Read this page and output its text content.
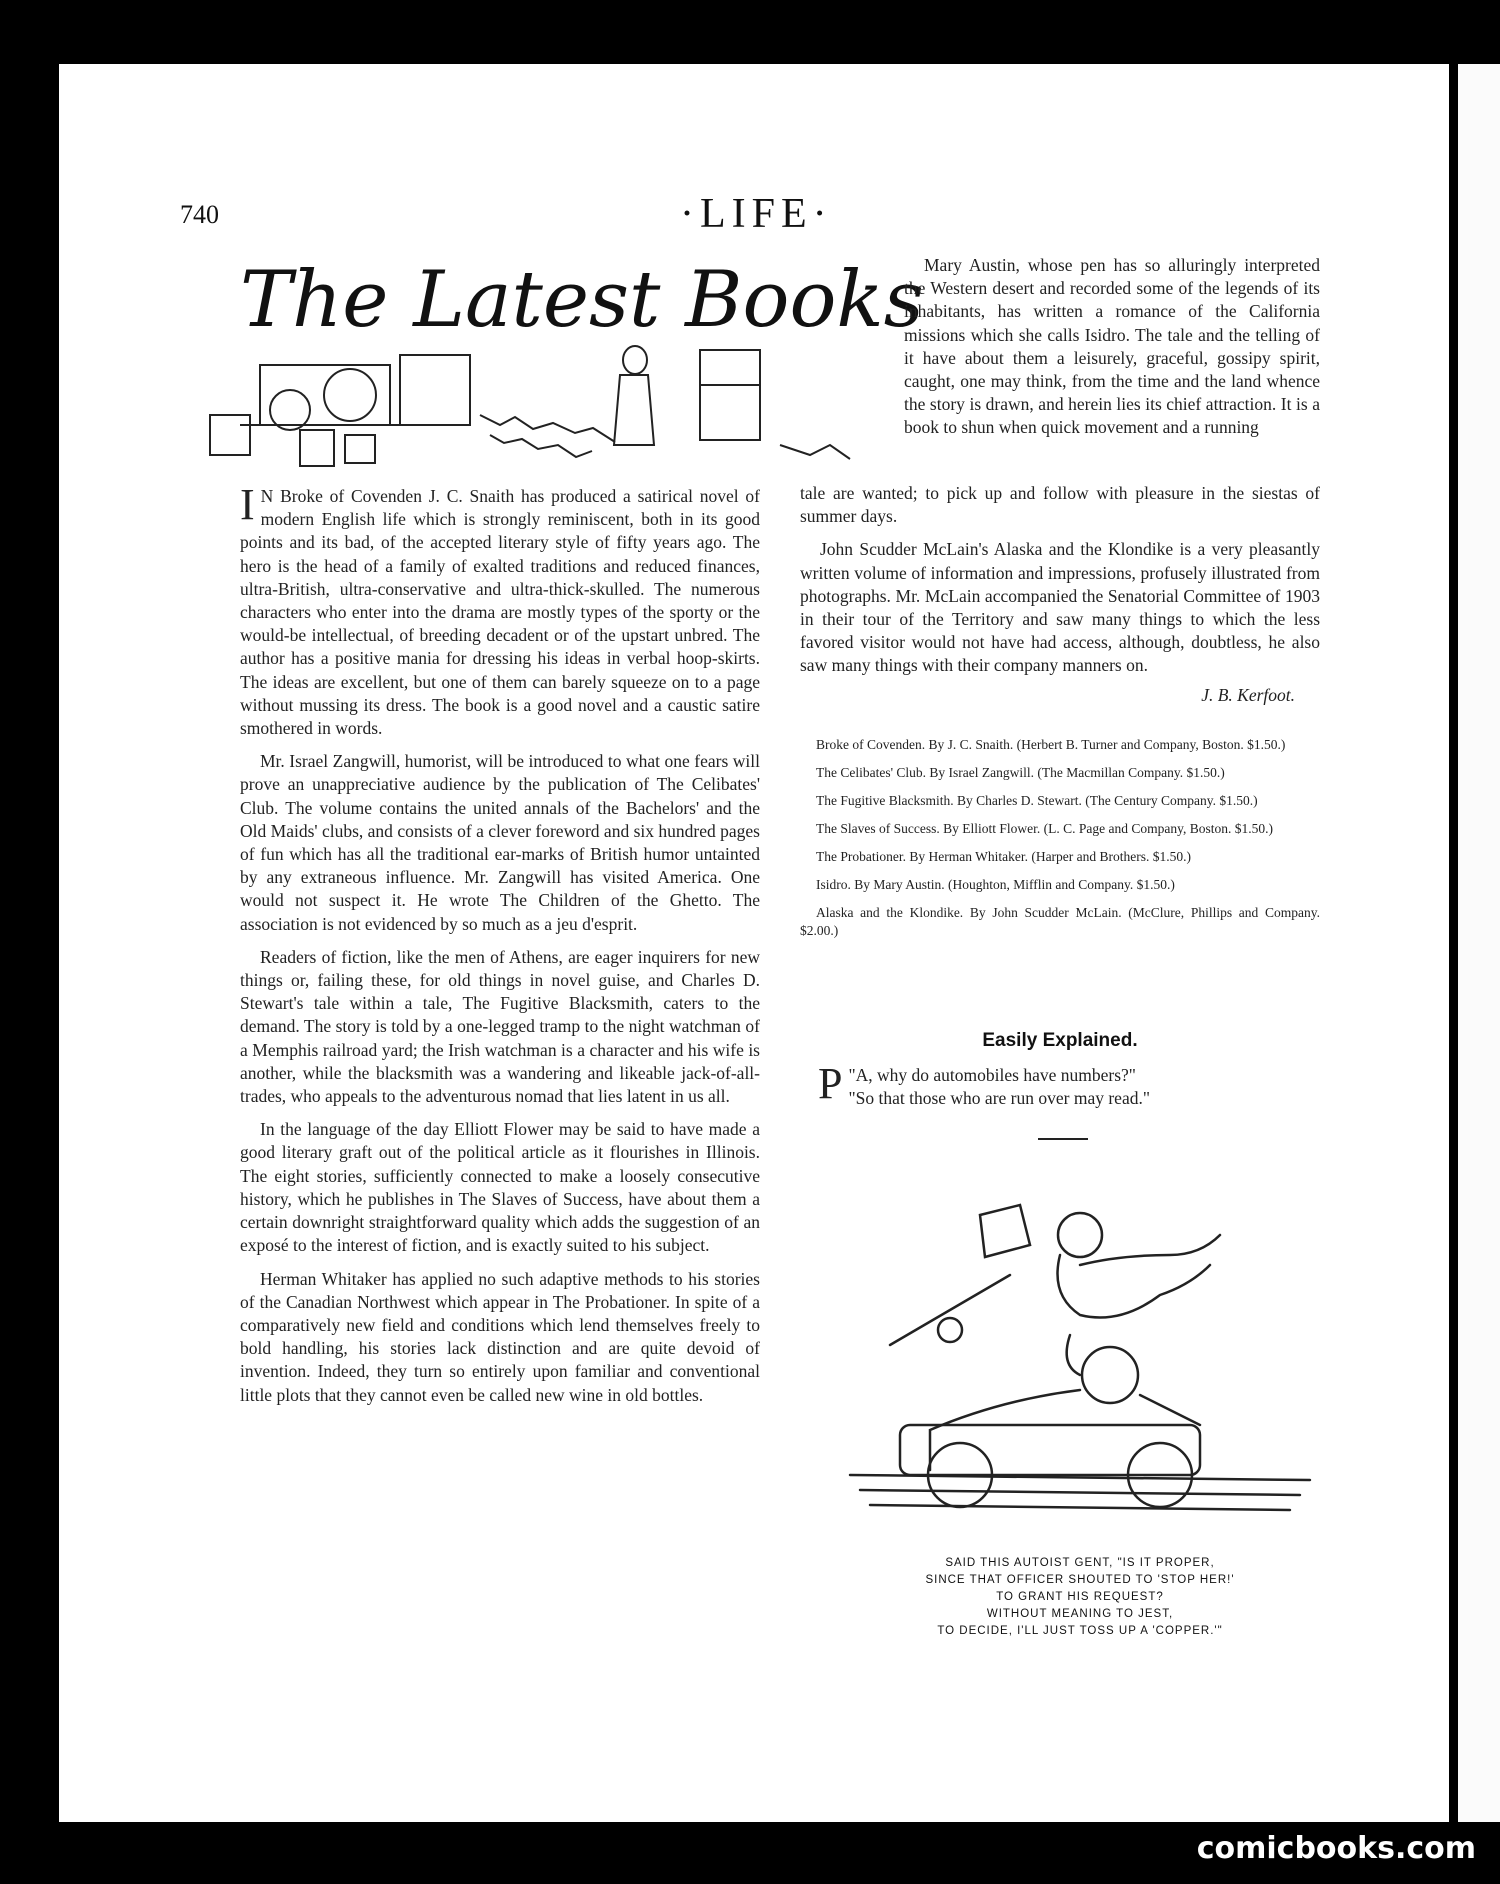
740	·LIFE·
The Latest Books Mary Austin, whose pen has so alluringly interpreted the Western desert and recorded some of the legends of its inhabitants, has written a romance of the California missions which she calls Isidro. The tale and the telling of it have about them a leisurely, graceful, gossipy spirit, caught, one may think, from the time and the land whence the story is drawn, and herein lies its chief attraction. It is a book to shun when quick movement and a running

I N Broke of Covenden J. C. Snaith has produced a satirical novel of modern English life which is strongly reminiscent, both in its good points and its bad, of the accepted literary style of fifty years ago. The hero is the head of a family of exalted traditions and reduced finances, ultra-British, ultra-conservative and ultra-thick-skulled. The numerous characters who enter into the drama are mostly types of the sporty or the would-be intellectual, of breeding decadent or of the upstart unbred. The author has a positive mania for dressing his ideas in verbal hoop-skirts. The ideas are excellent, but one of them can barely squeeze on to a page without mussing its dress. The book is a good novel and a caustic satire smothered in words.

Mr. Israel Zangwill, humorist, will be introduced to what one fears will prove an unappreciative audience by the publication of The Celibates' Club. The volume contains the united annals of the Bachelors' and the Old Maids' clubs, and consists of a clever foreword and six hundred pages of fun which has all the traditional ear-marks of British humor untainted by any extraneous influence. Mr. Zangwill has visited America. One would not suspect it. He wrote The Children of the Ghetto. The association is not evidenced by so much as a jeu d'esprit.

Readers of fiction, like the men of Athens, are eager inquirers for new things or, failing these, for old things in novel guise, and Charles D. Stewart's tale within a tale, The Fugitive Blacksmith, caters to the demand. The story is told by a one-legged tramp to the night watchman of a Memphis railroad yard; the Irish watchman is a character and his wife is another, while the blacksmith was a wandering and likeable jack-of-all-trades, who appeals to the adventurous nomad that lies latent in us all.

In the language of the day Elliott Flower may be said to have made a good literary graft out of the political article as it flourishes in Illinois. The eight stories, sufficiently connected to make a loosely consecutive history, which he publishes in The Slaves of Success, have about them a certain downright straightforward quality which adds the suggestion of an exposé to the interest of fiction, and is exactly suited to his subject.

Herman Whitaker has applied no such adaptive methods to his stories of the Canadian Northwest which appear in The Probationer. In spite of a comparatively new field and conditions which lend themselves freely to bold handling, his stories lack distinction and are quite devoid of invention. Indeed, they turn so entirely upon familiar and conventional little plots that they cannot even be called new wine in old bottles.

tale are wanted; to pick up and follow with pleasure in the siestas of summer days.

John Scudder McLain's Alaska and the Klondike is a very pleasantly written volume of information and impressions, profusely illustrated from photographs. Mr. McLain accompanied the Senatorial Committee of 1903 in their tour of the Territory and saw many things to which the less favored visitor would not have had access, although, doubtless, he also saw many things with their company manners on.

J. B. Kerfoot.
Broke of Covenden. By J. C. Snaith. (Herbert B. Turner and Company, Boston. $1.50.)
The Celibates' Club. By Israel Zangwill. (The Macmillan Company. $1.50.)
The Fugitive Blacksmith. By Charles D. Stewart. (The Century Company. $1.50.)
The Slaves of Success. By Elliott Flower. (L. C. Page and Company, Boston. $1.50.)
The Probationer. By Herman Whitaker. (Harper and Brothers. $1.50.)
Isidro. By Mary Austin. (Houghton, Mifflin and Company. $1.50.)
Alaska and the Klondike. By John Scudder McLain. (McClure, Phillips and Company. $2.00.)
Easily Explained.
P "A, why do automobiles have numbers?"
"So that those who are run over may read."
SAID THIS AUTOIST GENT, "IS IT PROPER,
SINCE THAT OFFICER SHOUTED TO 'STOP HER!'
TO GRANT HIS REQUEST?
WITHOUT MEANING TO JEST,
TO DECIDE, I'LL JUST TOSS UP A 'COPPER.'"
comicbooks.com
